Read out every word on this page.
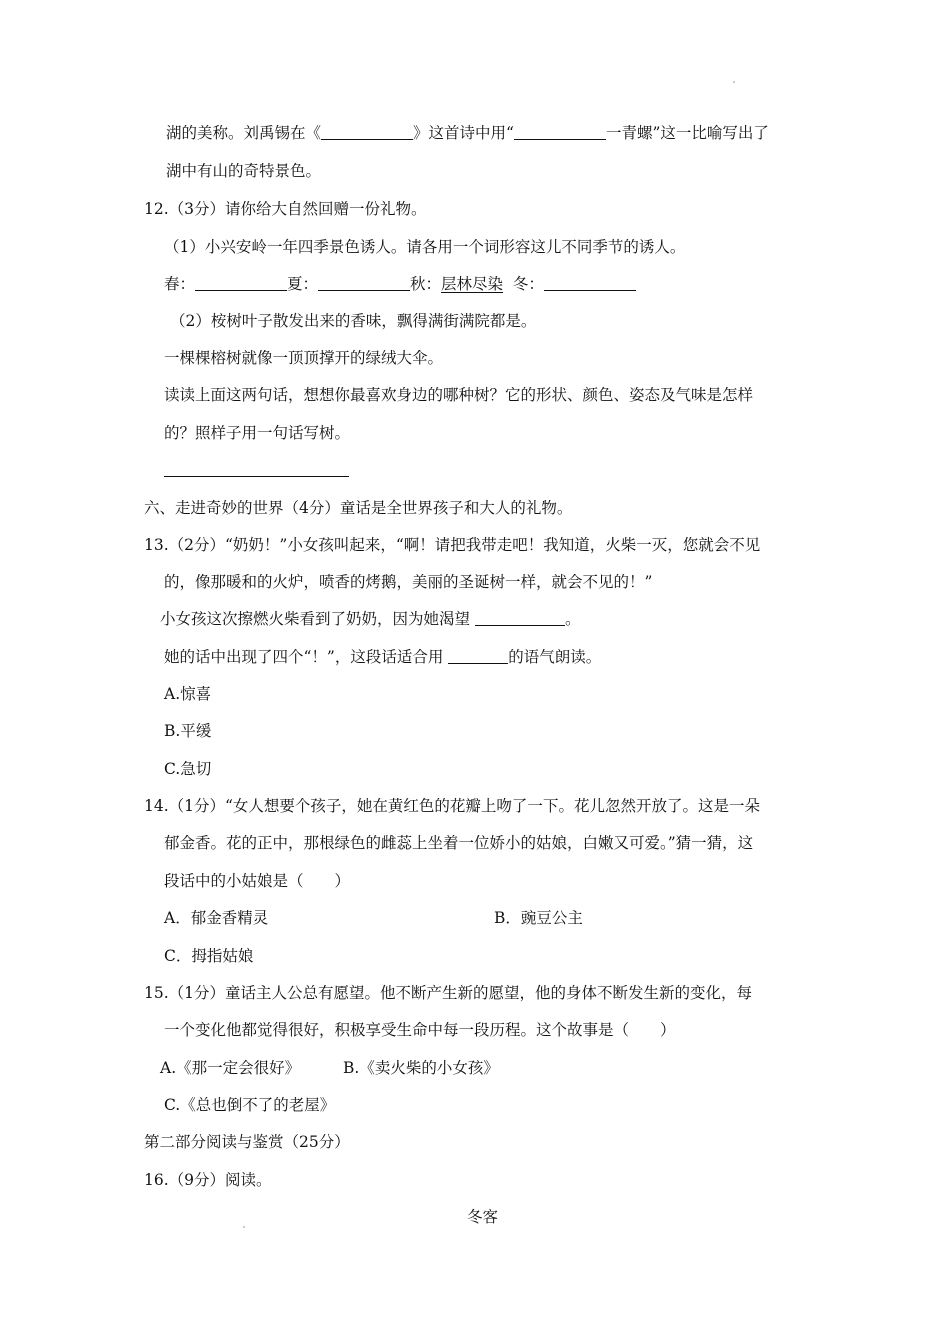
湖的美称。刘禹锡在《	》这首诗中用“	一青螺”这一比喻写出了
湖中有山的奇特景色。
12.（3分）请你给大自然回赠一份礼物。
（1）小兴安岭一年四季景色诱人。请各用一个词形容这儿不同季节的诱人。
春：	夏：	秋：层林尽染 冬：
（2）桉树叶子散发出来的香味，飘得满街满院都是。
一棵棵榕树就像一顶顶撑开的绿绒大伞。
读读上面这两句话，想想你最喜欢身边的哪种树？它的形状、颜色、姿态及气味是怎样
的？照样子用一句话写树。
六、走进奇妙的世界（4分）童话是全世界孩子和大人的礼物。
13.（2分）“奶奶！”小女孩叫起来，“啊！请把我带走吧！我知道，火柴一灭，您就会不见
的，像那暖和的火炉，喷香的烤鹅，美丽的圣诞树一样，就会不见的！”
小女孩这次擦燃火柴看到了奶奶，因为她渴望	。
她的话中出现了四个“！”，这段话适合用	的语气朗读。
A.惊喜
B.平缓
C.急切
14.（1分）“女人想要个孩子，她在黄红色的花瓣上吻了一下。花儿忽然开放了。这是一朵
郁金香。花的正中，那根绿色的雌蕊上坐着一位娇小的姑娘，白嫩又可爱。”猜一猜，这
段话中的小姑娘是（　　）
A．郁金香精灵	B．豌豆公主
C．拇指姑娘
15.（1分）童话主人公总有愿望。他不断产生新的愿望，他的身体不断发生新的变化，每
一个变化他都觉得很好，积极享受生命中每一段历程。这个故事是（　　）
A.《那一定会很好》	B.《卖火柴的小女孩》
C.《总也倒不了的老屋》
第二部分阅读与鉴赏（25分）
16.（9分）阅读。
冬客
